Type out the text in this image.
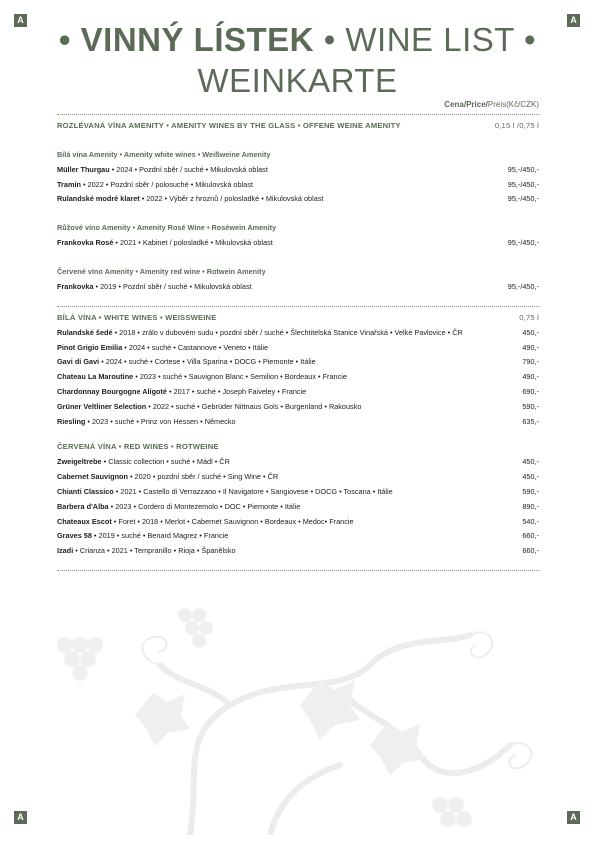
A	A
A	A
• VINNÝ LÍSTEK • WINE LIST •
WEINKARTE
Cena/Price/Preis(Kč/CZK)
ROZLÉVANÁ VÍNA AMENITY • AMENITY WINES BY THE GLASS • OFFENE WEINE AMENITY	0,15 l /0,75 l
Bílá vína Amenity • Amenity white wines • Weißweine Amenity
Müller Thurgau • 2024 • Pozdní sběr / suché • Mikulovská oblast	95,-/450,-
Tramín • 2022 • Pozdní sběr / polosuché • Mikulovská oblast	95,-/450,-
Rulandské modré klaret • 2022 • Výběr z hroznů / polosladké • Mikulovská oblast	95,-/450,-
Růžové víno Amenity • Amenity Rosé Wine • Roséwein Amenity
Frankovka Rosé • 2021 • Kabinet / polosladké • Mikulovská oblast	95,-/450,-
Červené víno Amenity • Amenity red wine • Rotwein Amenity
Frankovka • 2019 • Pozdní sběr / suché • Mikulovská oblast	95,-/450,-
BÍLÁ VÍNA • WHITE WINES • WEISSWEINE	0,75 l
Rulandské šedé • 2018 • zrálo v dubovém sudu • pozdní sběr / suché • Šlechtitelská Stanice Vinařská • Velké Pavlovice • ČR	450,-
Pinot Grigio Emilia • 2024 • suché • Castannove • Veneto • Itálie	490,-
Gavi di Gavi • 2024 • suché • Cortese • Villa Sparina • DOCG • Piemonte • Itálie	790,-
Chateau La Maroutine • 2023 • suché • Sauvignon Blanc • Semilion • Bordeaux • Francie	490,-
Chardonnay Bourgogne Aligoté • 2017 • suché • Joseph Faiveley • Francie	690,-
Grüner Veltliner Selection • 2022 • suché • Gebrüder Nittnaus Gols • Burgenland • Rakousko	590,-
Riesling • 2023 • suché • Prinz von Hessen • Německo	635,-
ČERVENÁ VÍNA • RED WINES • ROTWEINE
Zweigeltrebe • Classic collection • suché • Mádl • ČR	450,-
Cabernet Sauvignon • 2020 • pozdní sběr / suché • Sing Wine • ČR	450,-
Chianti Classico • 2021 • Castello di Verrazzano • Il Navigatore • Sangiovese • DOCG • Toscana • Itálie	590,-
Barbera d'Alba • 2023 • Cordero di Montezemolo • DOC • Piemonte • Itálie	890,-
Chateaux Escot • Foret • 2018 • Merlot • Cabernet Sauvignon • Bordeaux • Medoc• Francie	540,-
Graves 58 • 2019 • suché • Benard Magrez • Francie	660,-
Izadi • Crianza • 2021 • Tempranillo • Rioja • Španělsko	660,-
